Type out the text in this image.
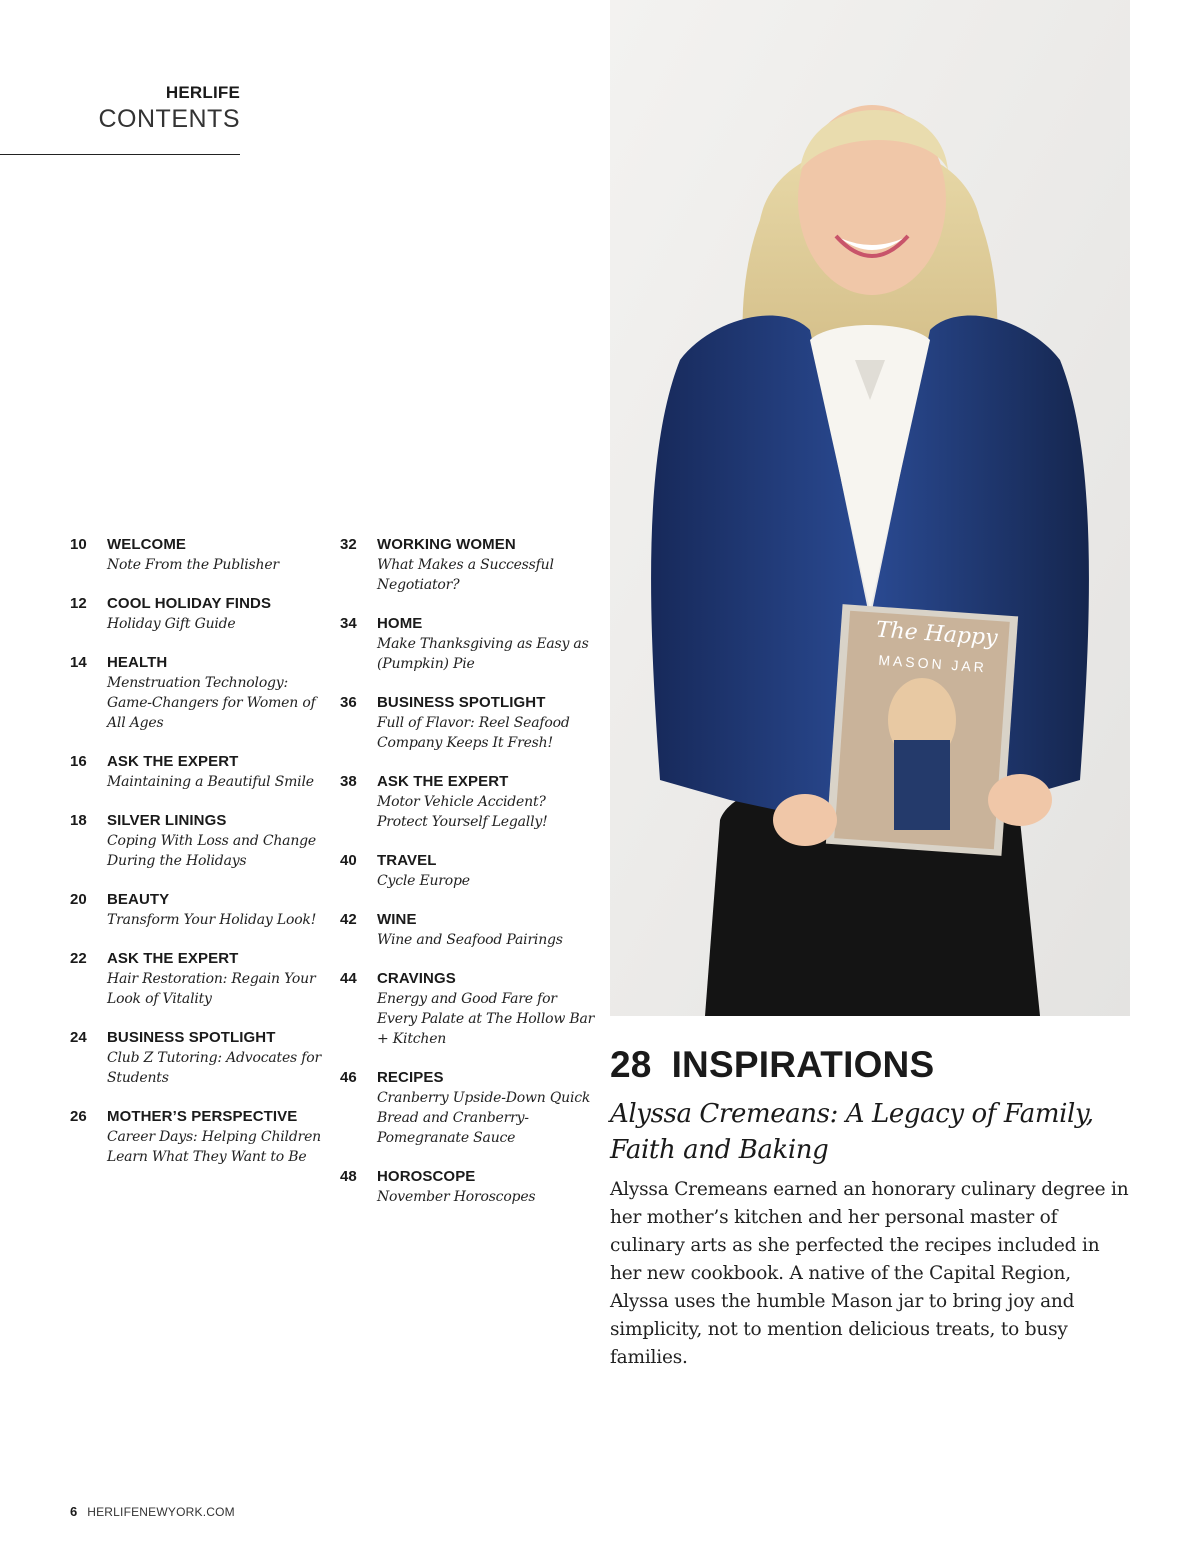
HERLIFE
CONTENTS
10	WELCOME
Note From the Publisher
12	COOL HOLIDAY FINDS
Holiday Gift Guide
14	HEALTH
Menstruation Technology: Game-Changers for Women of All Ages
16	ASK THE EXPERT
Maintaining a Beautiful Smile
18	SILVER LININGS
Coping With Loss and Change During the Holidays
20	BEAUTY
Transform Your Holiday Look!
22	ASK THE EXPERT
Hair Restoration: Regain Your Look of Vitality
24	BUSINESS SPOTLIGHT
Club Z Tutoring: Advocates for Students
26	MOTHER’S PERSPECTIVE
Career Days: Helping Children Learn What They Want to Be
32	WORKING WOMEN
What Makes a Successful Negotiator?
34	HOME
Make Thanksgiving as Easy as (Pumpkin) Pie
36	BUSINESS SPOTLIGHT
Full of Flavor: Reel Seafood Company Keeps It Fresh!
38	ASK THE EXPERT
Motor Vehicle Accident? Protect Yourself Legally!
40	TRAVEL
Cycle Europe
42	WINE
Wine and Seafood Pairings
44	CRAVINGS
Energy and Good Fare for Every Palate at The Hollow Bar + Kitchen
46	RECIPES
Cranberry Upside-Down Quick Bread and Cranberry-Pomegranate Sauce
48	HOROSCOPE
November Horoscopes
The Happy
MASON JAR
28 INSPIRATIONS
Alyssa Cremeans: A Legacy of Family, Faith and Baking
Alyssa Cremeans earned an honorary culinary degree in her mother’s kitchen and her personal master of culinary arts as she perfected the recipes included in her new cookbook. A native of the Capital Region, Alyssa uses the humble Mason jar to bring joy and simplicity, not to mention delicious treats, to busy families.
6 HERLIFENEWYORK.COM
